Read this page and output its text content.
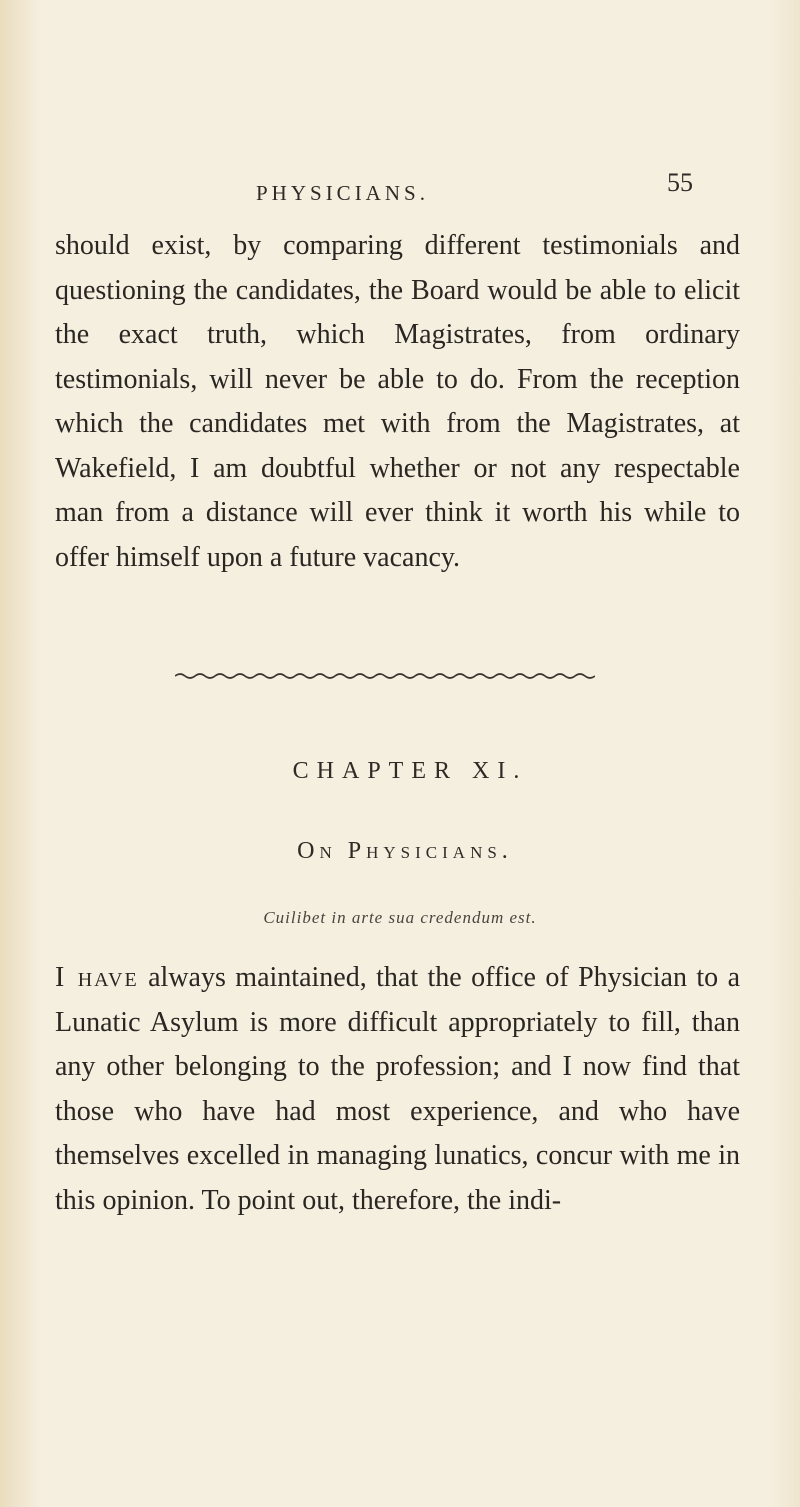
PHYSICIANS.	55

should exist, by comparing different testimonials and questioning the candidates, the Board would be able to elicit the exact truth, which Magistrates, from ordinary testimonials, will never be able to do. From the reception which the candidates met with from the Magistrates, at Wakefield, I am doubtful whether or not any respectable man from a distance will ever think it worth his while to offer himself upon a future vacancy.

CHAPTER XI.
On Physicians.
Cuilibet in arte sua credendum est.

I have always maintained, that the office of Physician to a Lunatic Asylum is more difficult appropriately to fill, than any other belonging to the profession; and I now find that those who have had most experience, and who have themselves excelled in managing lunatics, concur with me in this opinion. To point out, therefore, the indi-
